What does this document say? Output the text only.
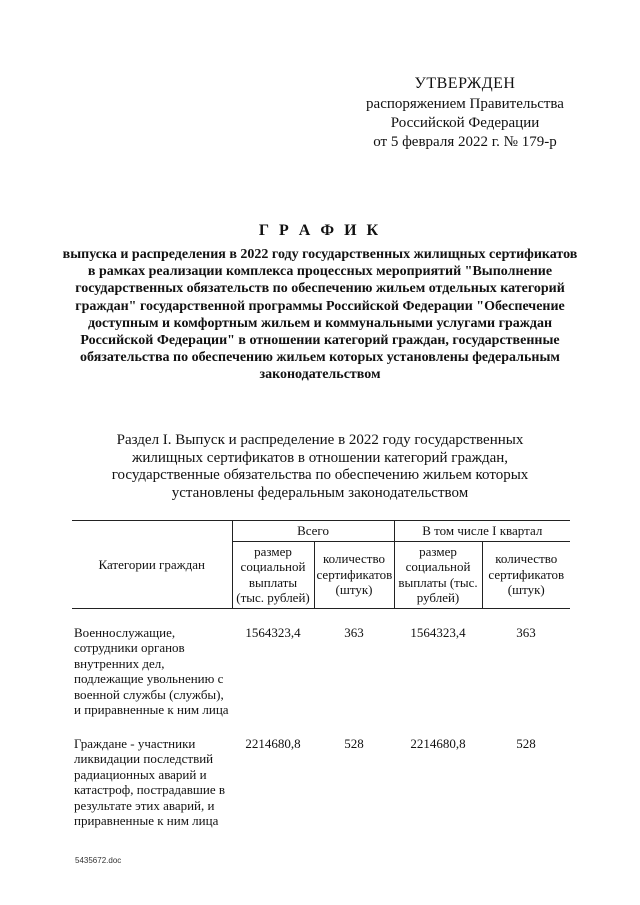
УТВЕРЖДЕН
распоряжением Правительства
Российской Федерации
от 5 февраля 2022 г. № 179-р
Г Р А Ф И К
выпуска и распределения в 2022 году государственных жилищных сертификатов в рамках реализации комплекса процессных мероприятий "Выполнение государственных обязательств по обеспечению жильем отдельных категорий граждан" государственной программы Российской Федерации "Обеспечение доступным и комфортным жильем и коммунальными услугами граждан Российской Федерации" в отношении категорий граждан, государственные обязательства по обеспечению жильем которых установлены федеральным законодательством
Раздел I. Выпуск и распределение в 2022 году государственных жилищных сертификатов в отношении категорий граждан, государственные обязательства по обеспечению жильем которых установлены федеральным законодательством
Категории граждан	Всего		В том числе I квартал	
	размер социальной выплаты (тыс. рублей)	количество сертификатов (штук)	размер социальной выплаты (тыс. рублей)	количество сертификатов (штук)

Военнослужащие, сотрудники органов внутренних дел, подлежащие увольнению с военной службы (службы), и приравненные к ним лица	1564323,4	363	1564323,4	363

Граждане - участники ликвидации последствий радиационных аварий и катастроф, пострадавшие в результате этих аварий, и приравненные к ним лица	2214680,8	528	2214680,8	528
5435672.doc
